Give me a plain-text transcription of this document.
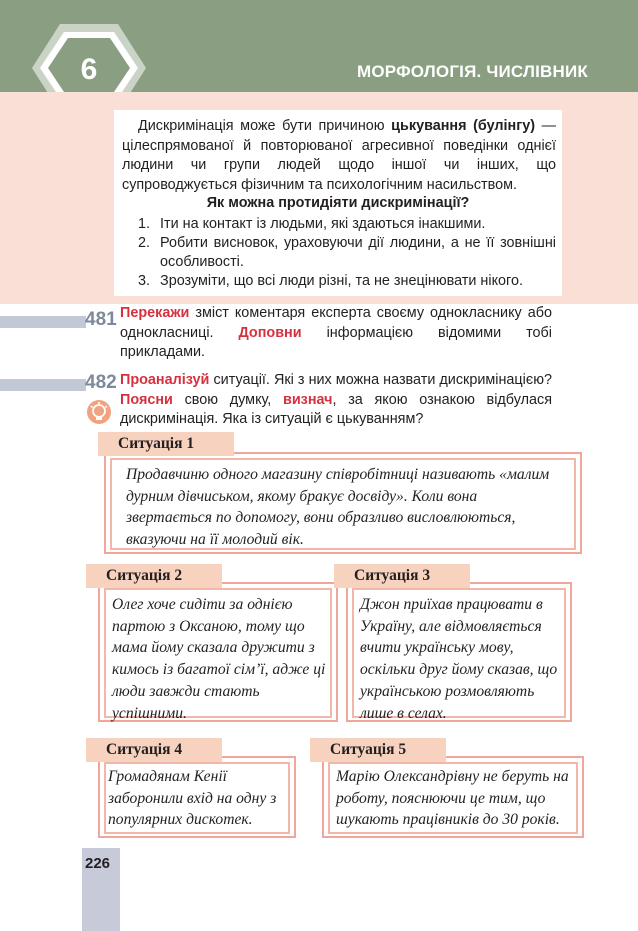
6	МОРФОЛОГІЯ. ЧИСЛІВНИК
Дискримінація може бути причиною цькування (булінгу) — цілеспрямованої й повторюваної агресивної поведінки однієї людини чи групи людей щодо іншої чи інших, що супроводжується фізичним та психологічним насильством.
Як можна протидіяти дискримінації?
1. Іти на контакт із людьми, які здаються інакшими.
2. Робити висновок, ураховуючи дії людини, а не її зовнішні особливості.
3. Зрозуміти, що всі люди різні, та не знецінювати нікого.
481 Перекажи зміст коментаря експерта своєму однокласнику або однокласниці. Доповни інформацією відомими тобі прикладами.
482 Проаналізуй ситуації. Які з них можна назвати дискримінацією? Поясни свою думку, визнач, за якою ознакою відбулася дискримінація. Яка із ситуацій є цькуванням?
Ситуація 1
Продавчиню одного магазину співробітниці називають «малим дурним дівчиськом, якому бракує досвіду». Коли вона звертається по допомогу, вони образливо висловлюються, вказуючи на її молодий вік.
Ситуація 2
Олег хоче сидіти за однією партою з Оксаною, тому що мама йому сказала дружити з кимось із багатої сім’ї, адже ці люди завжди стають успішними.
Ситуація 3
Джон приїхав працювати в Україну, але відмовляється вчити українську мову, оскільки друг йому сказав, що українською розмовляють лише в селах.
Ситуація 4
Громадянам Кенії заборонили вхід на одну з популярних дискотек.
Ситуація 5
Марію Олександрівну не беруть на роботу, пояснюючи це тим, що шукають працівників до 30 років.
226
